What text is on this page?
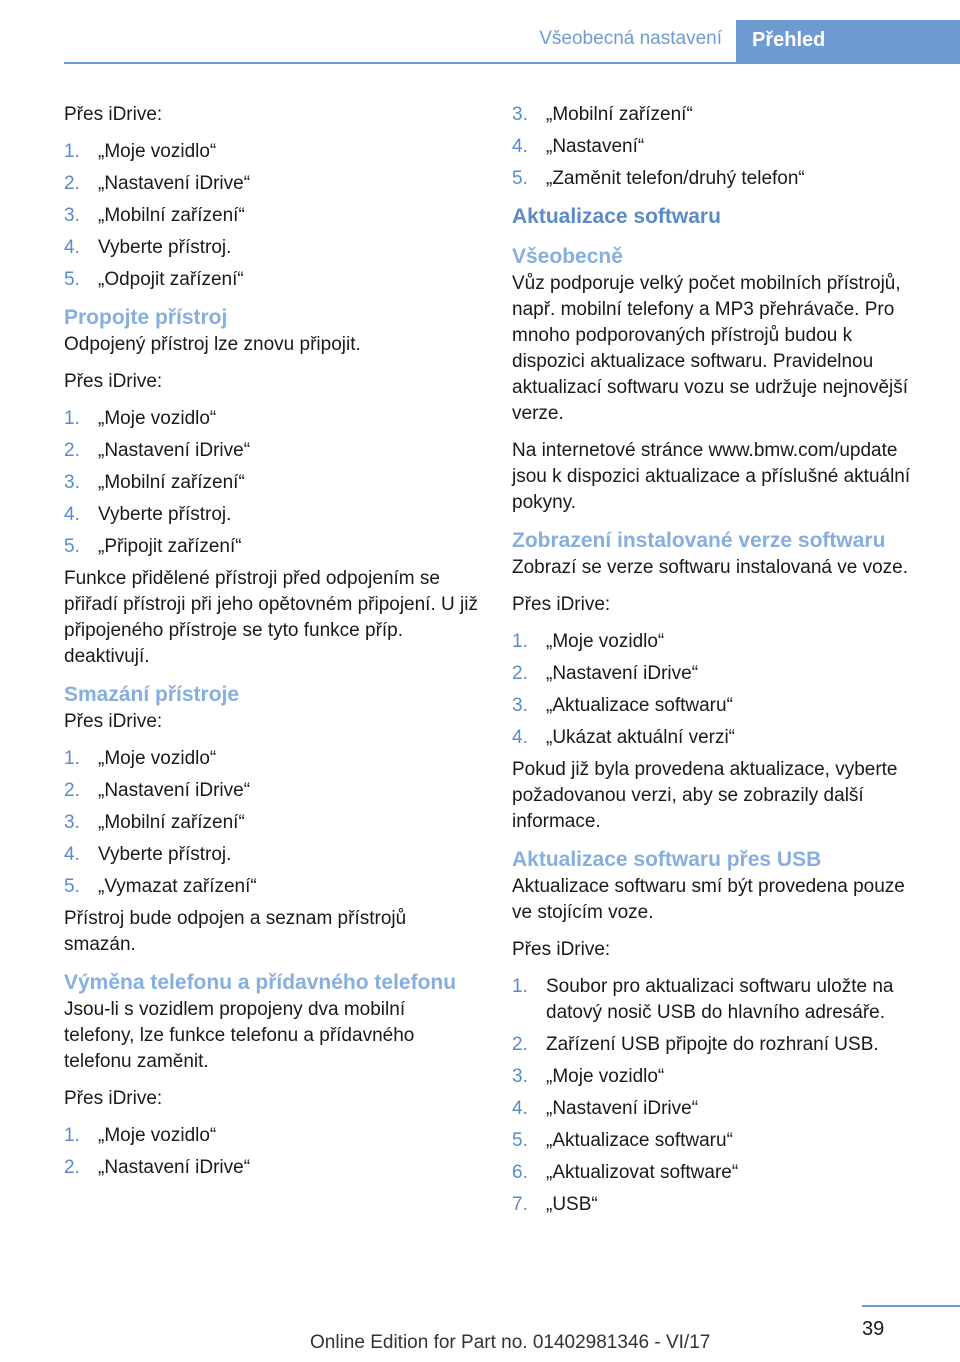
Všeobecná nastavení	Přehled

Přes iDrive:

1. „Moje vozidlo“
2. „Nastavení iDrive“
3. „Mobilní zařízení“
4. Vyberte přístroj.
5. „Odpojit zařízení“
Propojte přístroj

Odpojený přístroj lze znovu připojit.

Přes iDrive:

1. „Moje vozidlo“
2. „Nastavení iDrive“
3. „Mobilní zařízení“
4. Vyberte přístroj.
5. „Připojit zařízení“

Funkce přidělené přístroji před odpojením se přiřadí přístroji při jeho opětovném připojení. U již připojeného přístroje se tyto funkce příp. deaktivují.

Smazání přístroje

Přes iDrive:

1. „Moje vozidlo“
2. „Nastavení iDrive“
3. „Mobilní zařízení“
4. Vyberte přístroj.
5. „Vymazat zařízení“

Přístroj bude odpojen a seznam přístrojů smazán.

Výměna telefonu a přídavného telefonu

Jsou-li s vozidlem propojeny dva mobilní telefony, lze funkce telefonu a přídavného telefonu zaměnit.

Přes iDrive:

1. „Moje vozidlo“
2. „Nastavení iDrive“
3. „Mobilní zařízení“
4. „Nastavení“
5. „Zaměnit telefon/druhý telefon“
Aktualizace softwaru
Všeobecně

Vůz podporuje velký počet mobilních přístrojů, např. mobilní telefony a MP3 přehrávače. Pro mnoho podporovaných přístrojů budou k dispozici aktualizace softwaru. Pravidelnou aktualizací softwaru vozu se udržuje nejnovější verze.

Na internetové stránce www.bmw.com/update jsou k dispozici aktualizace a příslušné aktuální pokyny.

Zobrazení instalované verze softwaru

Zobrazí se verze softwaru instalovaná ve voze.

Přes iDrive:

1. „Moje vozidlo“
2. „Nastavení iDrive“
3. „Aktualizace softwaru“
4. „Ukázat aktuální verzi“

Pokud již byla provedena aktualizace, vyberte požadovanou verzi, aby se zobrazily další informace.

Aktualizace softwaru přes USB

Aktualizace softwaru smí být provedena pouze ve stojícím voze.

Přes iDrive:

1. Soubor pro aktualizaci softwaru uložte na datový nosič USB do hlavního adresáře.
2. Zařízení USB připojte do rozhraní USB.
3. „Moje vozidlo“
4. „Nastavení iDrive“
5. „Aktualizace softwaru“
6. „Aktualizovat software“
7. „USB“
39
Online Edition for Part no. 01402981346 - VI/17
